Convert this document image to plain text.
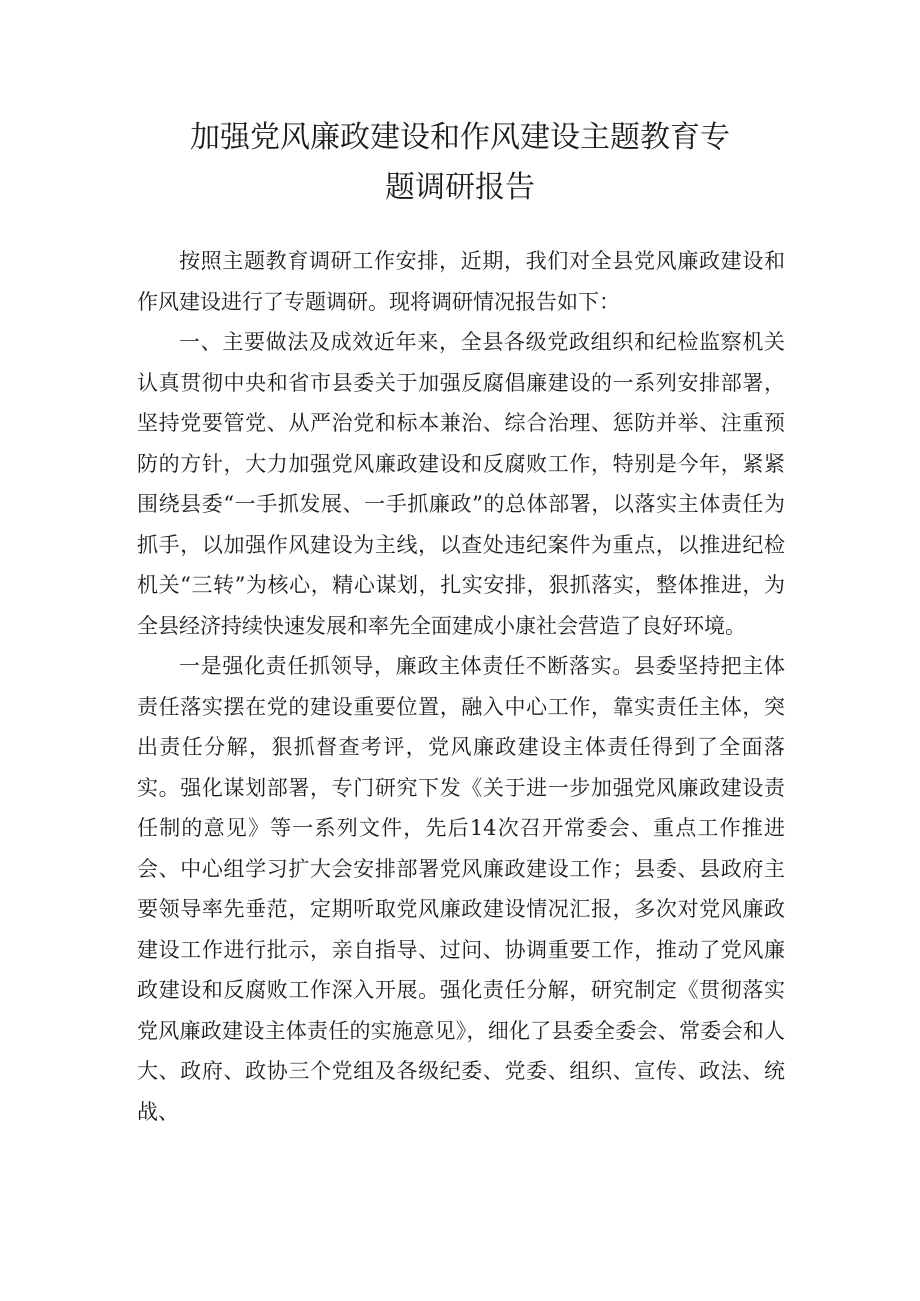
加强党风廉政建设和作风建设主题教育专
题调研报告

按照主题教育调研工作安排，近期，我们对全县党风廉政建设和作风建设进行了专题调研。现将调研情况报告如下：

一、主要做法及成效近年来，全县各级党政组织和纪检监察机关认真贯彻中央和省市县委关于加强反腐倡廉建设的一系列安排部署，坚持党要管党、从严治党和标本兼治、综合治理、惩防并举、注重预防的方针，大力加强党风廉政建设和反腐败工作，特别是今年，紧紧围绕县委“一手抓发展、一手抓廉政”的总体部署，以落实主体责任为抓手，以加强作风建设为主线，以查处违纪案件为重点，以推进纪检机关“三转”为核心，精心谋划，扎实安排，狠抓落实，整体推进，为全县经济持续快速发展和率先全面建成小康社会营造了良好环境。

一是强化责任抓领导，廉政主体责任不断落实。县委坚持把主体责任落实摆在党的建设重要位置，融入中心工作，靠实责任主体，突出责任分解，狠抓督查考评，党风廉政建设主体责任得到了全面落实。强化谋划部署，专门研究下发《关于进一步加强党风廉政建设责任制的意见》等一系列文件，先后14次召开常委会、重点工作推进会、中心组学习扩大会安排部署党风廉政建设工作；县委、县政府主要领导率先垂范，定期听取党风廉政建设情况汇报，多次对党风廉政建设工作进行批示，亲自指导、过问、协调重要工作，推动了党风廉政建设和反腐败工作深入开展。强化责任分解，研究制定《贯彻落实党风廉政建设主体责任的实施意见》，细化了县委全委会、常委会和人大、政府、政协三个党组及各级纪委、党委、组织、宣传、政法、统战、
